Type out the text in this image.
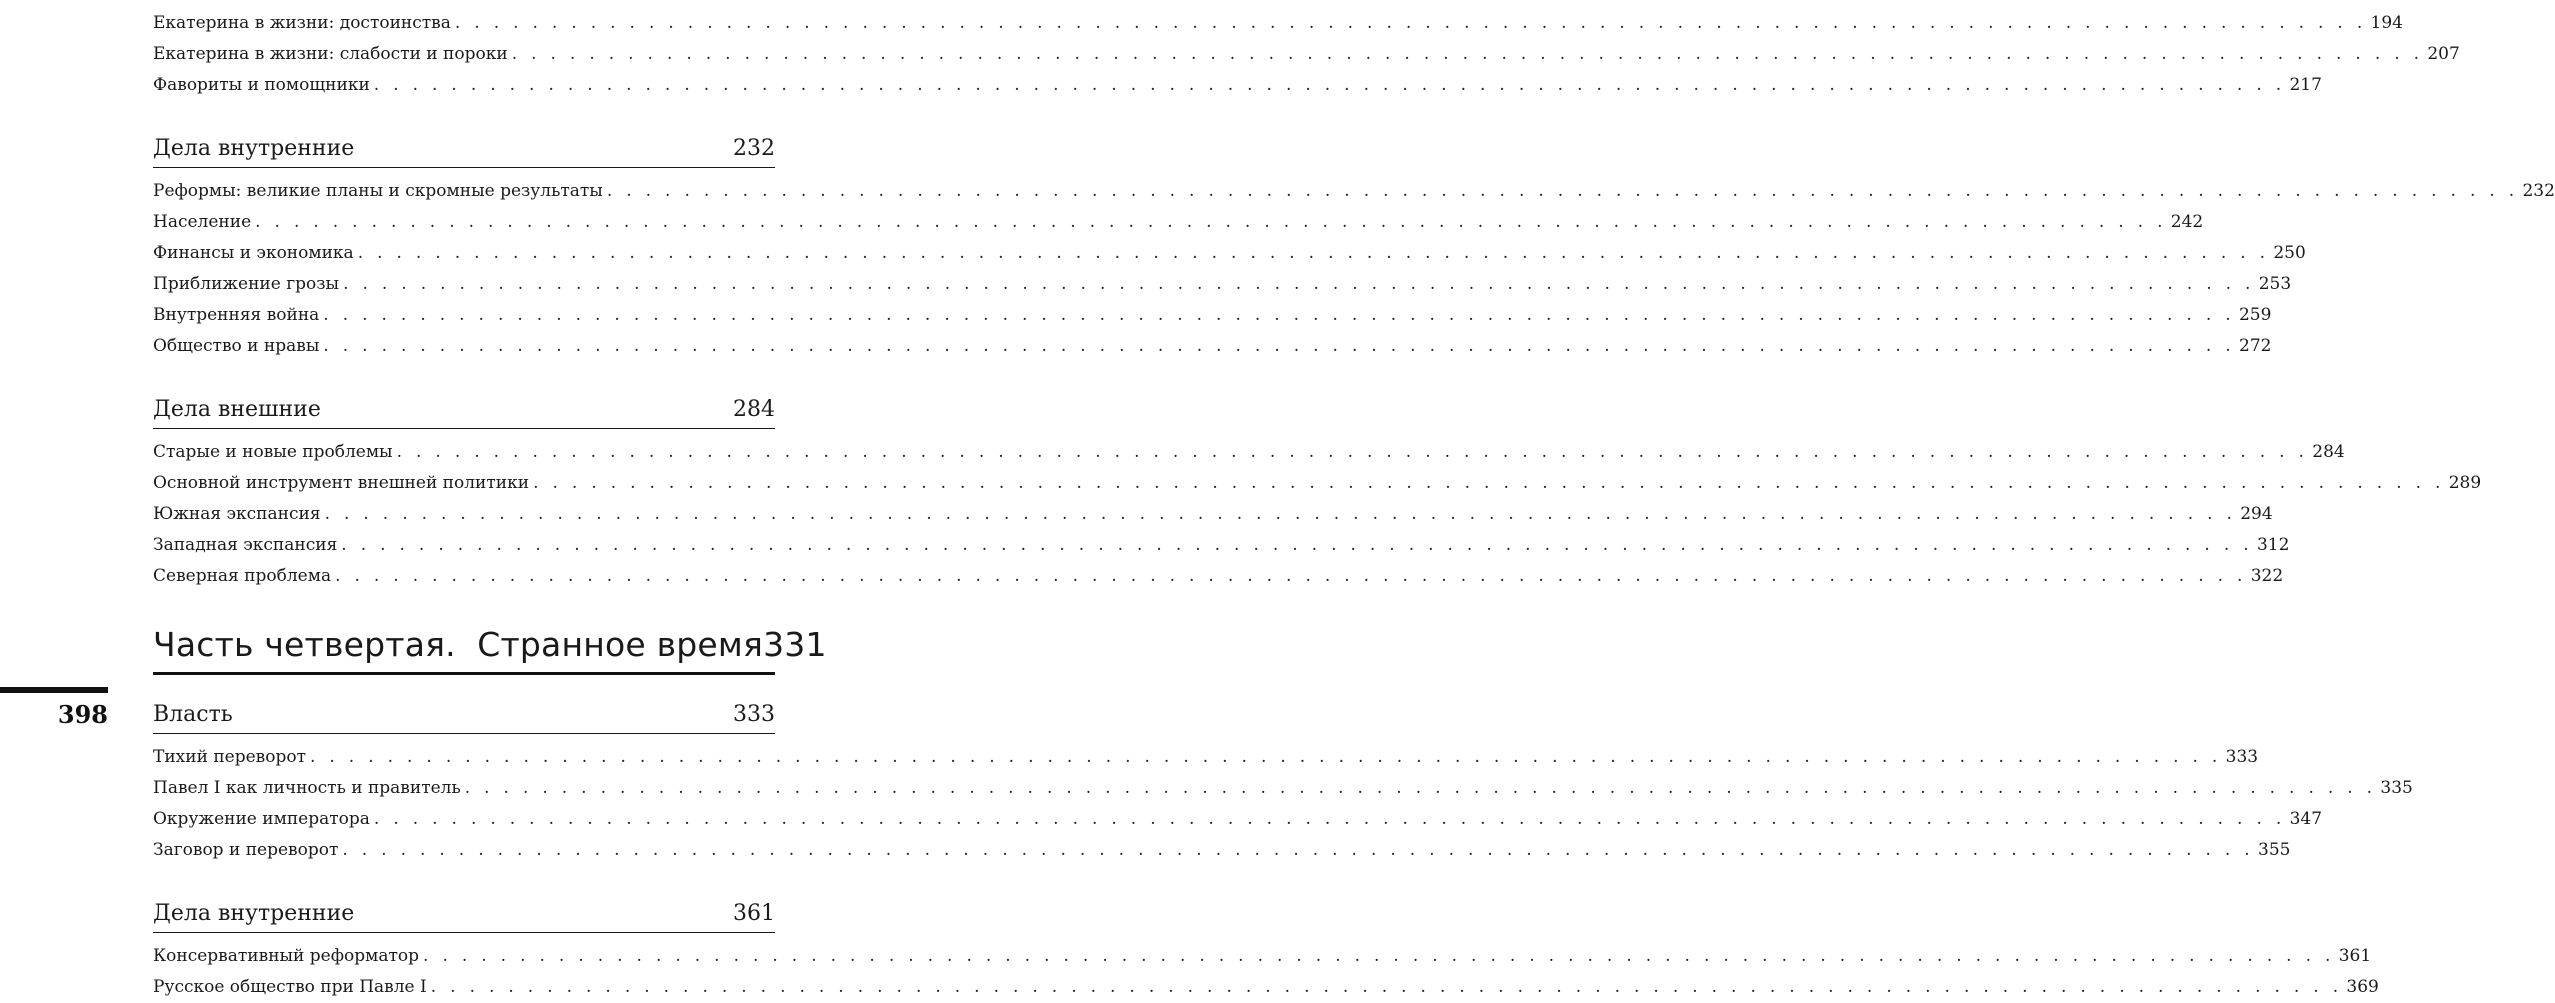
398
Екатерина в жизни: достоинства . . .	194
Екатерина в жизни: слабости и пороки . . .	207
Фавориты и помощники . . .	217
Дела внутренние	232
Реформы: великие планы и скромные результаты . . .	232
Население . . .	242
Финансы и экономика . . .	250
Приближение грозы . . .	253
Внутренняя война . . .	259
Общество и нравы . . .	272
Дела внешние	284
Старые и новые проблемы . . .	284
Основной инструмент внешней политики . . .	289
Южная экспансия . . .	294
Западная экспансия . . .	312
Северная проблема . . .	322
Часть четвертая.  Странное время 331
Власть	333
Тихий переворот . . .	333
Павел I как личность и правитель . . .	335
Окружение императора . . .	347
Заговор и переворот . . .	355
Дела внутренние	361
Консервативный реформатор . . .	361
Русское общество при Павле I . . .	369
